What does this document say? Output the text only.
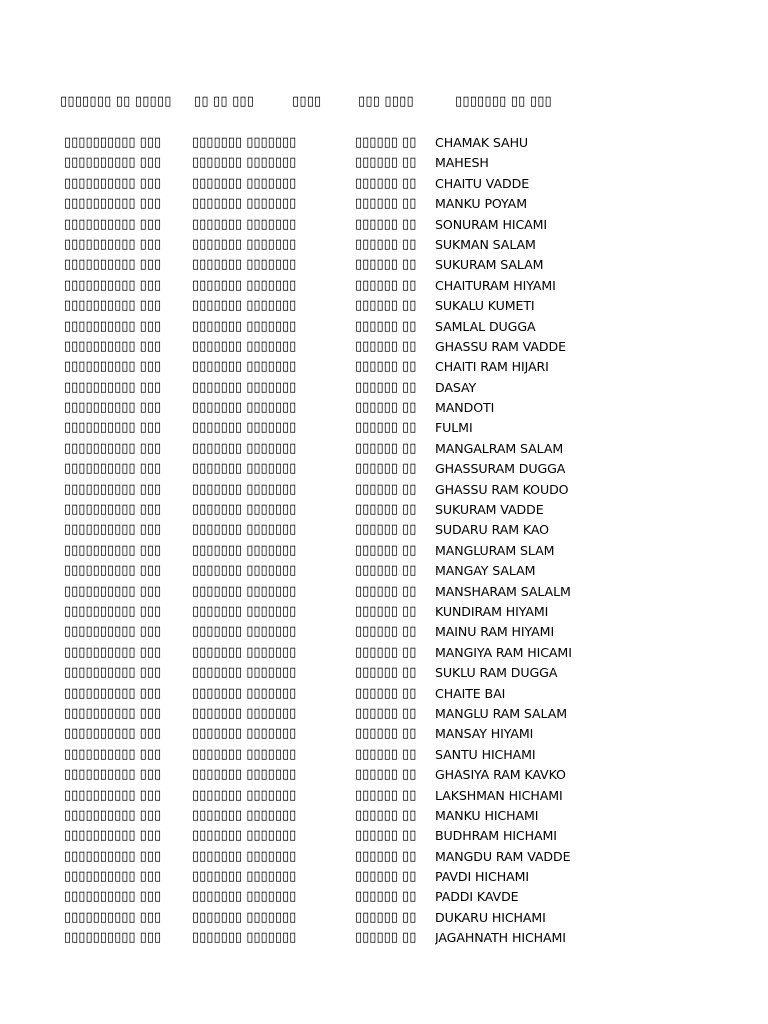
▯▯▯▯▯▯▯ ▯▯ ▯▯▯▯▯	▯▯ ▯▯ ▯▯▯	▯▯▯▯	▯▯▯ ▯▯▯▯	▯▯▯▯▯▯▯ ▯▯ ▯▯▯
▯▯▯▯▯▯▯▯▯▯ ▯▯▯	▯▯▯▯▯▯▯ ▯▯▯▯▯▯▯	▯▯▯▯▯▯ ▯▯	CHAMAK SAHU
▯▯▯▯▯▯▯▯▯▯ ▯▯▯	▯▯▯▯▯▯▯ ▯▯▯▯▯▯▯	▯▯▯▯▯▯ ▯▯	MAHESH
▯▯▯▯▯▯▯▯▯▯ ▯▯▯	▯▯▯▯▯▯▯ ▯▯▯▯▯▯▯	▯▯▯▯▯▯ ▯▯	CHAITU VADDE
▯▯▯▯▯▯▯▯▯▯ ▯▯▯	▯▯▯▯▯▯▯ ▯▯▯▯▯▯▯	▯▯▯▯▯▯ ▯▯	MANKU POYAM
▯▯▯▯▯▯▯▯▯▯ ▯▯▯	▯▯▯▯▯▯▯ ▯▯▯▯▯▯▯	▯▯▯▯▯▯ ▯▯	SONURAM HICAMI
▯▯▯▯▯▯▯▯▯▯ ▯▯▯	▯▯▯▯▯▯▯ ▯▯▯▯▯▯▯	▯▯▯▯▯▯ ▯▯	SUKMAN SALAM
▯▯▯▯▯▯▯▯▯▯ ▯▯▯	▯▯▯▯▯▯▯ ▯▯▯▯▯▯▯	▯▯▯▯▯▯ ▯▯	SUKURAM SALAM
▯▯▯▯▯▯▯▯▯▯ ▯▯▯	▯▯▯▯▯▯▯ ▯▯▯▯▯▯▯	▯▯▯▯▯▯ ▯▯	CHAITURAM HIYAMI
▯▯▯▯▯▯▯▯▯▯ ▯▯▯	▯▯▯▯▯▯▯ ▯▯▯▯▯▯▯	▯▯▯▯▯▯ ▯▯	SUKALU KUMETI
▯▯▯▯▯▯▯▯▯▯ ▯▯▯	▯▯▯▯▯▯▯ ▯▯▯▯▯▯▯	▯▯▯▯▯▯ ▯▯	SAMLAL DUGGA
▯▯▯▯▯▯▯▯▯▯ ▯▯▯	▯▯▯▯▯▯▯ ▯▯▯▯▯▯▯	▯▯▯▯▯▯ ▯▯	GHASSU RAM VADDE
▯▯▯▯▯▯▯▯▯▯ ▯▯▯	▯▯▯▯▯▯▯ ▯▯▯▯▯▯▯	▯▯▯▯▯▯ ▯▯	CHAITI RAM HIJARI
▯▯▯▯▯▯▯▯▯▯ ▯▯▯	▯▯▯▯▯▯▯ ▯▯▯▯▯▯▯	▯▯▯▯▯▯ ▯▯	DASAY
▯▯▯▯▯▯▯▯▯▯ ▯▯▯	▯▯▯▯▯▯▯ ▯▯▯▯▯▯▯	▯▯▯▯▯▯ ▯▯	MANDOTI
▯▯▯▯▯▯▯▯▯▯ ▯▯▯	▯▯▯▯▯▯▯ ▯▯▯▯▯▯▯	▯▯▯▯▯▯ ▯▯	FULMI
▯▯▯▯▯▯▯▯▯▯ ▯▯▯	▯▯▯▯▯▯▯ ▯▯▯▯▯▯▯	▯▯▯▯▯▯ ▯▯	MANGALRAM SALAM
▯▯▯▯▯▯▯▯▯▯ ▯▯▯	▯▯▯▯▯▯▯ ▯▯▯▯▯▯▯	▯▯▯▯▯▯ ▯▯	GHASSURAM DUGGA
▯▯▯▯▯▯▯▯▯▯ ▯▯▯	▯▯▯▯▯▯▯ ▯▯▯▯▯▯▯	▯▯▯▯▯▯ ▯▯	GHASSU RAM KOUDO
▯▯▯▯▯▯▯▯▯▯ ▯▯▯	▯▯▯▯▯▯▯ ▯▯▯▯▯▯▯	▯▯▯▯▯▯ ▯▯	SUKURAM VADDE
▯▯▯▯▯▯▯▯▯▯ ▯▯▯	▯▯▯▯▯▯▯ ▯▯▯▯▯▯▯	▯▯▯▯▯▯ ▯▯	SUDARU RAM KAO
▯▯▯▯▯▯▯▯▯▯ ▯▯▯	▯▯▯▯▯▯▯ ▯▯▯▯▯▯▯	▯▯▯▯▯▯ ▯▯	MANGLURAM SLAM
▯▯▯▯▯▯▯▯▯▯ ▯▯▯	▯▯▯▯▯▯▯ ▯▯▯▯▯▯▯	▯▯▯▯▯▯ ▯▯	MANGAY SALAM
▯▯▯▯▯▯▯▯▯▯ ▯▯▯	▯▯▯▯▯▯▯ ▯▯▯▯▯▯▯	▯▯▯▯▯▯ ▯▯	MANSHARAM SALALM
▯▯▯▯▯▯▯▯▯▯ ▯▯▯	▯▯▯▯▯▯▯ ▯▯▯▯▯▯▯	▯▯▯▯▯▯ ▯▯	KUNDIRAM HIYAMI
▯▯▯▯▯▯▯▯▯▯ ▯▯▯	▯▯▯▯▯▯▯ ▯▯▯▯▯▯▯	▯▯▯▯▯▯ ▯▯	MAINU RAM HIYAMI
▯▯▯▯▯▯▯▯▯▯ ▯▯▯	▯▯▯▯▯▯▯ ▯▯▯▯▯▯▯	▯▯▯▯▯▯ ▯▯	MANGIYA RAM HICAMI
▯▯▯▯▯▯▯▯▯▯ ▯▯▯	▯▯▯▯▯▯▯ ▯▯▯▯▯▯▯	▯▯▯▯▯▯ ▯▯	SUKLU RAM DUGGA
▯▯▯▯▯▯▯▯▯▯ ▯▯▯	▯▯▯▯▯▯▯ ▯▯▯▯▯▯▯	▯▯▯▯▯▯ ▯▯	CHAITE BAI
▯▯▯▯▯▯▯▯▯▯ ▯▯▯	▯▯▯▯▯▯▯ ▯▯▯▯▯▯▯	▯▯▯▯▯▯ ▯▯	MANGLU RAM SALAM
▯▯▯▯▯▯▯▯▯▯ ▯▯▯	▯▯▯▯▯▯▯ ▯▯▯▯▯▯▯	▯▯▯▯▯▯ ▯▯	MANSAY HIYAMI
▯▯▯▯▯▯▯▯▯▯ ▯▯▯	▯▯▯▯▯▯▯ ▯▯▯▯▯▯▯	▯▯▯▯▯▯ ▯▯	SANTU HICHAMI
▯▯▯▯▯▯▯▯▯▯ ▯▯▯	▯▯▯▯▯▯▯ ▯▯▯▯▯▯▯	▯▯▯▯▯▯ ▯▯	GHASIYA RAM KAVKO
▯▯▯▯▯▯▯▯▯▯ ▯▯▯	▯▯▯▯▯▯▯ ▯▯▯▯▯▯▯	▯▯▯▯▯▯ ▯▯	LAKSHMAN HICHAMI
▯▯▯▯▯▯▯▯▯▯ ▯▯▯	▯▯▯▯▯▯▯ ▯▯▯▯▯▯▯	▯▯▯▯▯▯ ▯▯	MANKU HICHAMI
▯▯▯▯▯▯▯▯▯▯ ▯▯▯	▯▯▯▯▯▯▯ ▯▯▯▯▯▯▯	▯▯▯▯▯▯ ▯▯	BUDHRAM HICHAMI
▯▯▯▯▯▯▯▯▯▯ ▯▯▯	▯▯▯▯▯▯▯ ▯▯▯▯▯▯▯	▯▯▯▯▯▯ ▯▯	MANGDU RAM VADDE
▯▯▯▯▯▯▯▯▯▯ ▯▯▯	▯▯▯▯▯▯▯ ▯▯▯▯▯▯▯	▯▯▯▯▯▯ ▯▯	PAVDI HICHAMI
▯▯▯▯▯▯▯▯▯▯ ▯▯▯	▯▯▯▯▯▯▯ ▯▯▯▯▯▯▯	▯▯▯▯▯▯ ▯▯	PADDI KAVDE
▯▯▯▯▯▯▯▯▯▯ ▯▯▯	▯▯▯▯▯▯▯ ▯▯▯▯▯▯▯	▯▯▯▯▯▯ ▯▯	DUKARU HICHAMI
▯▯▯▯▯▯▯▯▯▯ ▯▯▯	▯▯▯▯▯▯▯ ▯▯▯▯▯▯▯	▯▯▯▯▯▯ ▯▯	JAGAHNATH HICHAMI
